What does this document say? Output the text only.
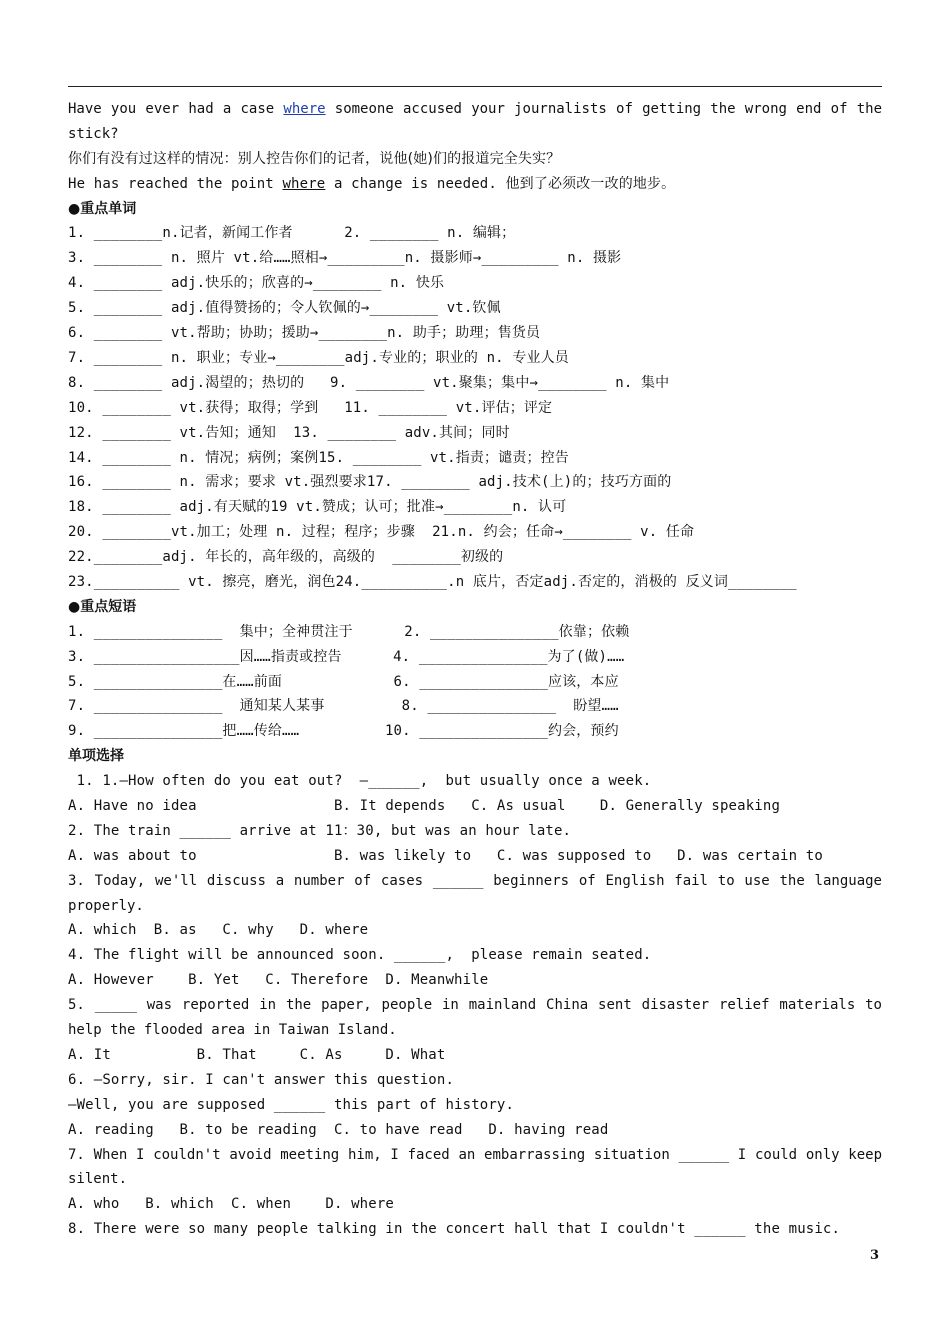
Have you ever had a case where someone accused your journalists of getting the wrong end of the stick?
你们有没有过这样的情况：别人控告你们的记者，说他(她)们的报道完全失实？
He has reached the point where a change is needed. 他到了必须改一改的地步。
●重点单词
1. ________n.记者，新闻工作者      2. ________ n. 编辑；
3. ________ n. 照片 vt.给……照相→_________n. 摄影师→_________ n. 摄影
4. ________ adj.快乐的；欣喜的→________ n. 快乐
5. ________ adj.值得赞扬的；令人钦佩的→________ vt.钦佩
6. ________ vt.帮助；协助；援助→________n. 助手；助理；售货员
7. ________ n. 职业；专业→________adj.专业的；职业的 n. 专业人员
8. ________ adj.渴望的；热切的   9. ________ vt.聚集；集中→________ n. 集中
10. ________ vt.获得；取得；学到   11. ________ vt.评估；评定
12. ________ vt.告知；通知  13. ________ adv.其间；同时
14. ________ n. 情况；病例；案例15. ________ vt.指责；谴责；控告
16. ________ n. 需求；要求 vt.强烈要求17. ________ adj.技术(上)的；技巧方面的
18. ________ adj.有天赋的19 vt.赞成；认可；批准→________n. 认可
20. ________vt.加工；处理 n. 过程；程序；步骤  21.n. 约会；任命→________ v. 任命
22.________adj. 年长的，高年级的，高级的  ________初级的
23.__________ vt. 擦亮，磨光，润色24.__________.n 底片，否定adj.否定的，消极的 反义词________
●重点短语
1. _______________  集中；全神贯注于      2. _______________依靠；依赖
3. _________________因……指责或控告      4. _______________为了(做)……
5. _______________在……前面             6. _______________应该，本应
7. _______________  通知某人某事         8. _______________  盼望……
9. _______________把……传给……          10. _______________约会，预约
单项选择
1. 1.—How often do you eat out?  —______,  but usually once a week.
A. Have no idea                B. It depends   C. As usual    D. Generally speaking
2. The train ______ arrive at 11：30, but was an hour late.
A. was about to                B. was likely to   C. was supposed to   D. was certain to
3. Today, we'll discuss a number of cases ______ beginners of English fail to use the language properly.
A. which  B. as   C. why   D. where
4. The flight will be announced soon. ______,  please remain seated.
A. However    B. Yet   C. Therefore  D. Meanwhile
5. _____ was reported in the paper, people in mainland China sent disaster relief materials to help the flooded area in Taiwan Island.
A. It          B. That     C. As     D. What
6. —Sorry, sir. I can't answer this question.
—Well, you are supposed ______ this part of history.
A. reading   B. to be reading  C. to have read   D. having read
7. When I couldn't avoid meeting him, I faced an embarrassing situation ______ I could only keep silent.
A. who   B. which  C. when    D. where
8. There were so many people talking in the concert hall that I couldn't ______ the music.
3
